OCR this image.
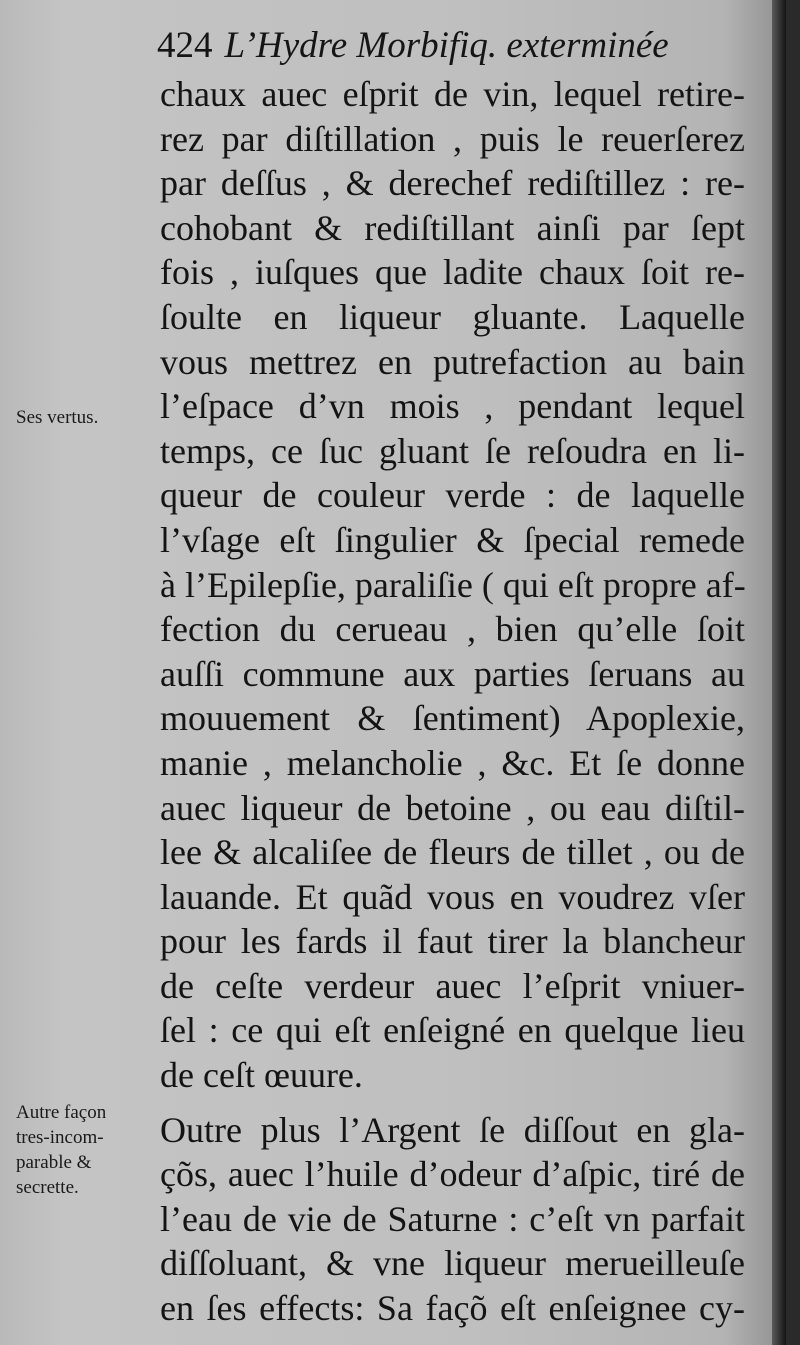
424 L’Hydre Morbifiq. exterminée
Ses vertus.
Autre façon
tres-incom-
parable &
secrette.
chaux auec eſprit de vin, lequel retire-
rez par diſtillation , puis le reuerſerez
par deſſus , & derechef rediſtillez : re-
cohobant & rediſtillant ainſi par ſept
fois , iuſques que ladite chaux ſoit re-
ſoulte en liqueur gluante. Laquelle
vous mettrez en putrefaction au bain
l’eſpace d’vn mois , pendant lequel
temps, ce ſuc gluant ſe reſoudra en li-
queur de couleur verde : de laquelle
l’vſage eſt ſingulier & ſpecial remede
à l’Epilepſie, paraliſie ( qui eſt propre af-
fection du cerueau , bien qu’elle ſoit
auſſi commune aux parties ſeruans au
mouuement & ſentiment) Apoplexie,
manie , melancholie , &c. Et ſe donne
auec liqueur de betoine , ou eau diſtil-
lee & alcaliſee de fleurs de tillet , ou de
lauande. Et quãd vous en voudrez vſer
pour les fards il faut tirer la blancheur
de ceſte verdeur auec l’eſprit vniuer-
ſel : ce qui eſt enſeigné en quelque lieu
de ceſt œuure.
Outre plus l’Argent ſe diſſout en gla-
çõs, auec l’huile d’odeur d’aſpic, tiré de
l’eau de vie de Saturne : c’eſt vn parfait
diſſoluant, & vne liqueur merueilleuſe
en ſes effects: Sa façõ eſt enſeignee cy-
